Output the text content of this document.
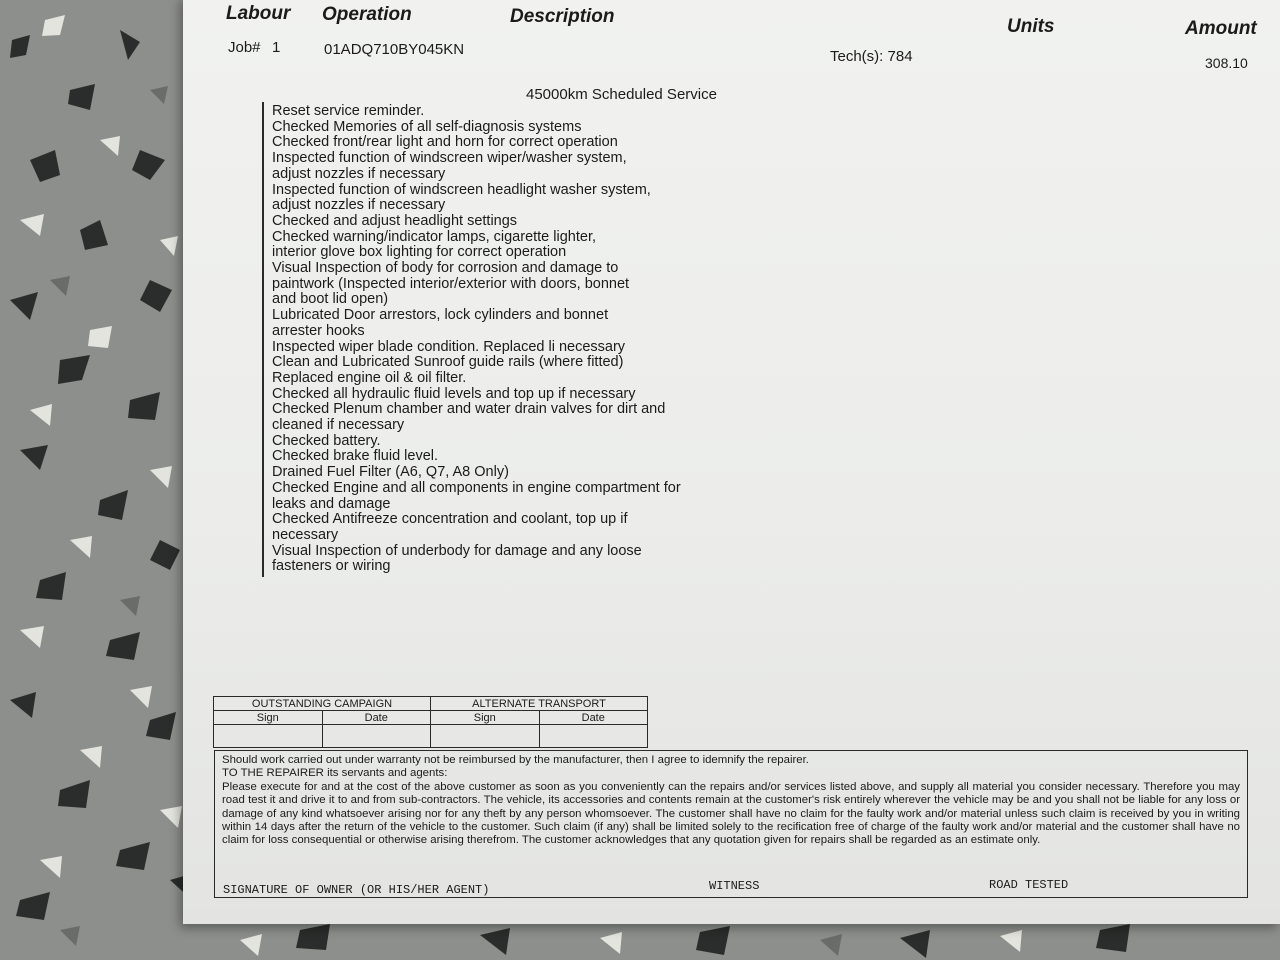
Labour Operation	Description	Units	Amount
Job# 1	01ADQ710BY045KN	Tech(s): 784	308.10
45000km Scheduled Service
Reset service reminder.
Checked Memories of all self-diagnosis systems
Checked front/rear light and horn for correct operation
Inspected function of windscreen wiper/washer system,
adjust nozzles if necessary
Inspected function of windscreen headlight washer system,
adjust nozzles if necessary
Checked and adjust headlight settings
Checked warning/indicator lamps, cigarette lighter,
interior glove box lighting for correct operation
Visual Inspection of body for corrosion and damage to
paintwork (Inspected interior/exterior with doors, bonnet
and boot lid open)
Lubricated Door arrestors, lock cylinders and bonnet
arrester hooks
Inspected wiper blade condition. Replaced li necessary
Clean and Lubricated Sunroof guide rails (where fitted)
Replaced engine oil & oil filter.
Checked all hydraulic fluid levels and top up if necessary
Checked Plenum chamber and water drain valves for dirt and
cleaned if necessary
Checked battery.
Checked brake fluid level.
Drained Fuel Filter (A6, Q7, A8 Only)
Checked Engine and all components in engine compartment for
leaks and damage
Checked Antifreeze concentration and coolant, top up if
necessary
Visual Inspection of underbody for damage and any loose
fasteners or wiring
OUTSTANDING CAMPAIGN		ALTERNATE TRANSPORT	
Sign	Date	Sign	Date

Should work carried out under warranty not be reimbursed by the manufacturer, then I agree to idemnify the repairer.

TO THE REPAIRER its servants and agents:

Please execute for and at the cost of the above customer as soon as you conveniently can the repairs and/or services listed above, and supply all material you consider necessary. Therefore you may road test it and drive it to and from sub-contractors. The vehicle, its accessories and contents remain at the customer's risk entirely wherever the vehicle may be and you shall not be liable for any loss or damage of any kind whatsoever arising nor for any theft by any person whomsoever. The customer shall have no claim for the faulty work and/or material unless such claim is received by you in writing within 14 days after the return of the vehicle to the customer. Such claim (if any) shall be limited solely to the recification free of charge of the faulty work and/or material and the customer shall have no claim for loss consequential or otherwise arising therefrom. The customer acknowledges that any quotation given for repairs shall be regarded as an estimate only.

SIGNATURE OF OWNER (OR HIS/HER AGENT)	WITNESS	ROAD TESTED
